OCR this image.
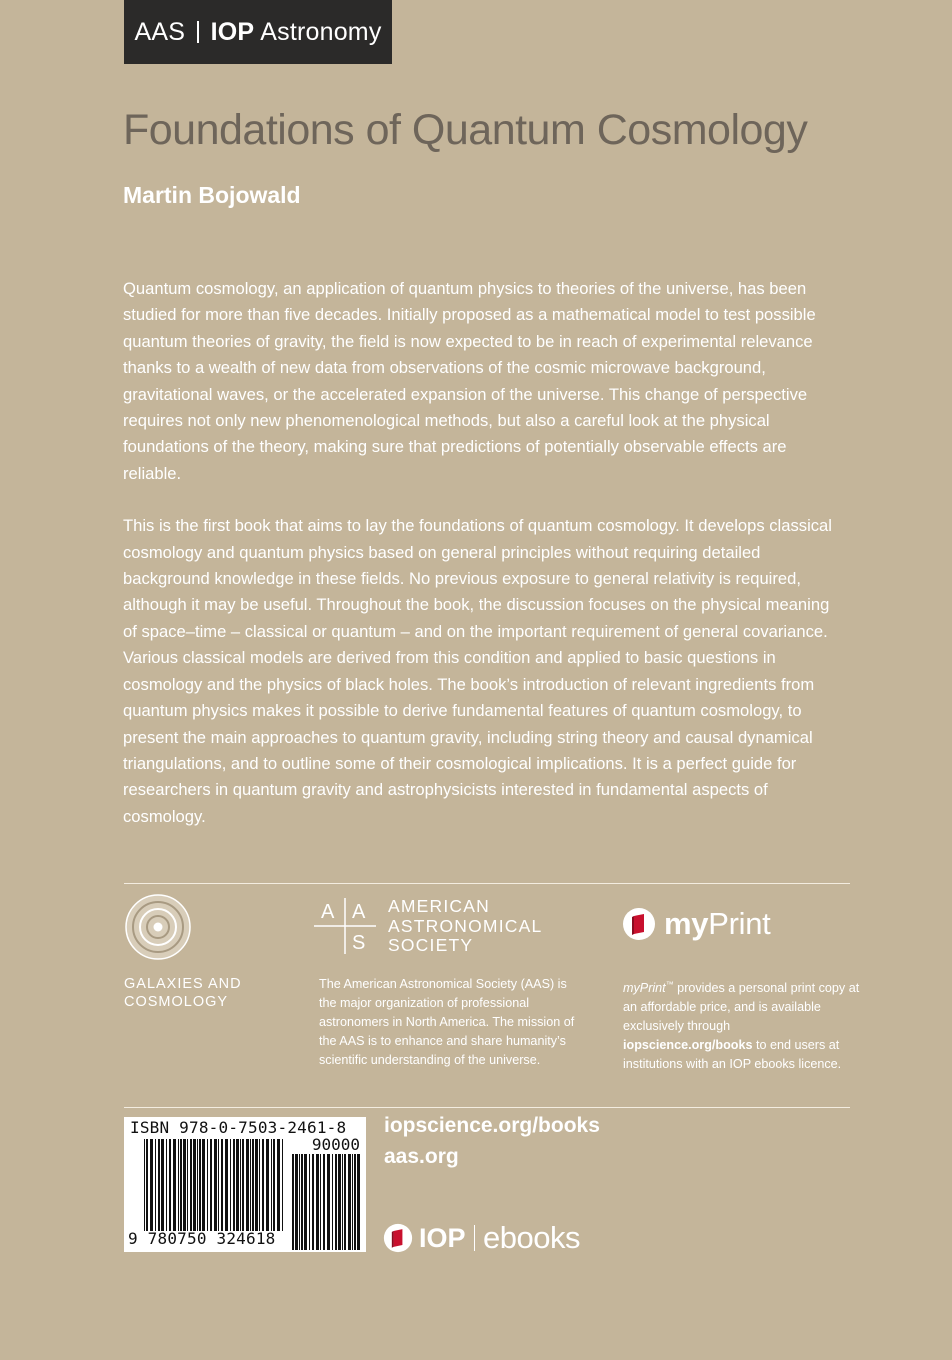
AAS IOP Astronomy
Foundations of Quantum Cosmology
Martin Bojowald

Quantum cosmology, an application of quantum physics to theories of the universe, has been studied for more than five decades. Initially proposed as a mathematical model to test possible quantum theories of gravity, the field is now expected to be in reach of experimental relevance thanks to a wealth of new data from observations of the cosmic microwave background, gravitational waves, or the accelerated expansion of the universe. This change of perspective requires not only new phenomenological methods, but also a careful look at the physical foundations of the theory, making sure that predictions of potentially observable effects are reliable.

This is the first book that aims to lay the foundations of quantum cosmology. It develops classical cosmology and quantum physics based on general principles without requiring detailed background knowledge in these fields. No previous exposure to general relativity is required, although it may be useful. Throughout the book, the discussion focuses on the physical meaning of space–time – classical or quantum – and on the important requirement of general covariance. Various classical models are derived from this condition and applied to basic questions in cosmology and the physics of black holes. The book’s introduction of relevant ingredients from quantum physics makes it possible to derive fundamental features of quantum cosmology, to present the main approaches to quantum gravity, including string theory and causal dynamical triangulations, and to outline some of their cosmological implications. It is a perfect guide for researchers in quantum gravity and astrophysicists interested in fundamental aspects of cosmology.

GALAXIES AND
COSMOLOGY
A A
S
AMERICAN
ASTRONOMICAL
SOCIETY
The American Astronomical Society (AAS) is the major organization of professional astronomers in North America. The mission of the AAS is to enhance and share humanity’s scientific understanding of the universe.
myPrint
myPrint™ provides a personal print copy at an affordable price, and is available exclusively through iopscience.org/books to end users at institutions with an IOP ebooks licence.
ISBN 978-0-7503-2461-8
90000
9 780750 324618
iopscience.org/books
aas.org
IOP ebooks
